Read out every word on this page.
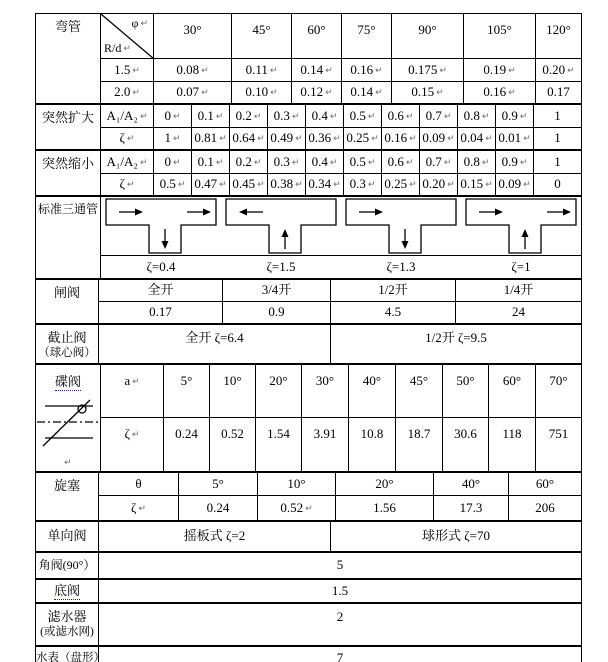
弯管	φ ↵
R/d ↵	30°	45°	60°	75°	90°	105°	120°
	1.5 ↵	0.08 ↵	0.11 ↵	0.14 ↵	0.16 ↵	0.175 ↵	0.19 ↵	0.20 ↵
	2.0 ↵	0.07 ↵	0.10 ↵	0.12 ↵	0.14 ↵	0.15 ↵	0.16 ↵	0.17
突然扩大	A₁/A₂ ↵	0 ↵	0.1 ↵	0.2 ↵	0.3 ↵	0.4 ↵	0.5 ↵	0.6 ↵	0.7 ↵	0.8 ↵	0.9 ↵	1
	ζ ↵	1 ↵	0.81 ↵	0.64 ↵	0.49 ↵	0.36 ↵	0.25 ↵	0.16 ↵	0.09 ↵	0.04 ↵	0.01 ↵	1
突然缩小	A₁/A₂ ↵	0 ↵	0.1 ↵	0.2 ↵	0.3 ↵	0.4 ↵	0.5 ↵	0.6 ↵	0.7 ↵	0.8 ↵	0.9 ↵	1
	ζ ↵	0.5 ↵	0.47 ↵	0.45 ↵	0.38 ↵	0.34 ↵	0.3 ↵	0.25 ↵	0.20 ↵	0.15 ↵	0.09 ↵	0
标准三通管	

ζ=0.4	ζ=1.5	ζ=1.3	ζ=1
闸阀	全开	3/4开	1/2开	1/4开
	0.17	0.9	4.5	24
截止阀
（球心阀）
	全开 ζ=6.4	1/2开 ζ=9.5
碟阀
↵	a ↵	5°	10°	20°	30°	40°	45°	50°	60°	70°
	ζ ↵	0.24	0.52	1.54	3.91	10.8	18.7	30.6	118	751
旋塞	θ	5°	10°	20°	40°	60°
	ζ ↵	0.24	0.52 ↵	1.56	17.3	206
单向阀	摇板式 ζ=2	球形式 ζ=70
角阀(90°）	5
底阀	1.5
滤水器
(或滤水网)
	2
水表（盘形）	7
